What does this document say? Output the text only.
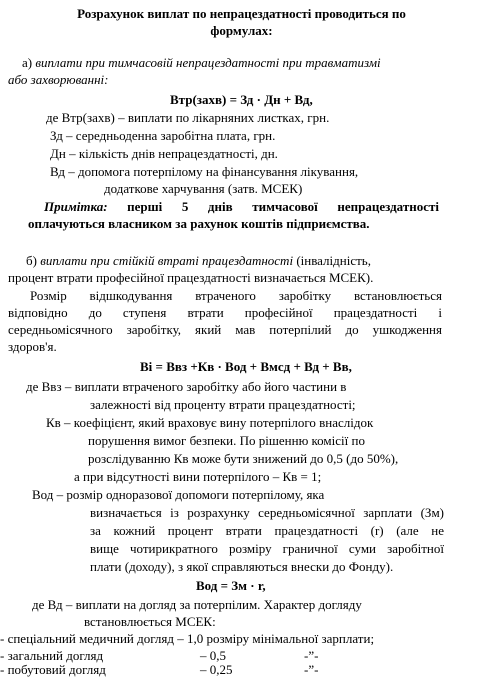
Розрахунок виплат по непрацездатності проводиться по
формулах:
а) виплати при тимчасовій непрацездатності при травматизмі
або захворюванні:
Bтр(захв) = Зд · Дн + Вд,
де Втр(захв) – виплати по лікарняних листках, грн.
Зд – середньоденна заробітна плата, грн.
Дн – кількість днів непрацездатності, дн.
Вд – допомога потерпілому на фінансування лікування,
додаткове харчування (затв. МСЕК)
Примітка: перші 5 днів тимчасової непрацездатності
оплачуються власником за рахунок коштів підприємства.
б) виплати при стійкій втраті працездатності (інвалідність,
процент втрати професійної працездатності визначається МСЕК).
Розмір відшкодування втраченого заробітку встановлюється
відповідно до ступеня втрати професійної працездатності і
середньомісячного заробітку, який мав потерпілий до ушкодження
здоров'я.
Ві = Ввз +Кв · Вод + Вмсд + Вд + Вв,
де Ввз – виплати втраченого заробітку або його частини в
залежності від проценту втрати працездатності;
Кв – коефіцієнт, який враховує вину потерпілого внаслідок
порушення вимог безпеки. По рішенню комісії по
розслідуванню Кв може бути знижений до 0,5 (до 50%),
а при відсутності вини потерпілого – Кв = 1;
Вод – розмір одноразової допомоги потерпілому, яка
визначається із розрахунку середньомісячної зарплати (Зм)
за кожний процент втрати працездатності (r) (але не
вище чотирикратного розміру граничної суми заробітної
плати (доходу), з якої справляються внески до Фонду).
Вод = Зм · r,
де Вд – виплати на догляд за потерпілим. Характер догляду
встановлюється МСЕК:
- спеціальний медичний догляд – 1,0 розміру мінімальної зарплати;
- загальний догляд	– 0,5	-”-
- побутовий догляд	– 0,25	-”-
